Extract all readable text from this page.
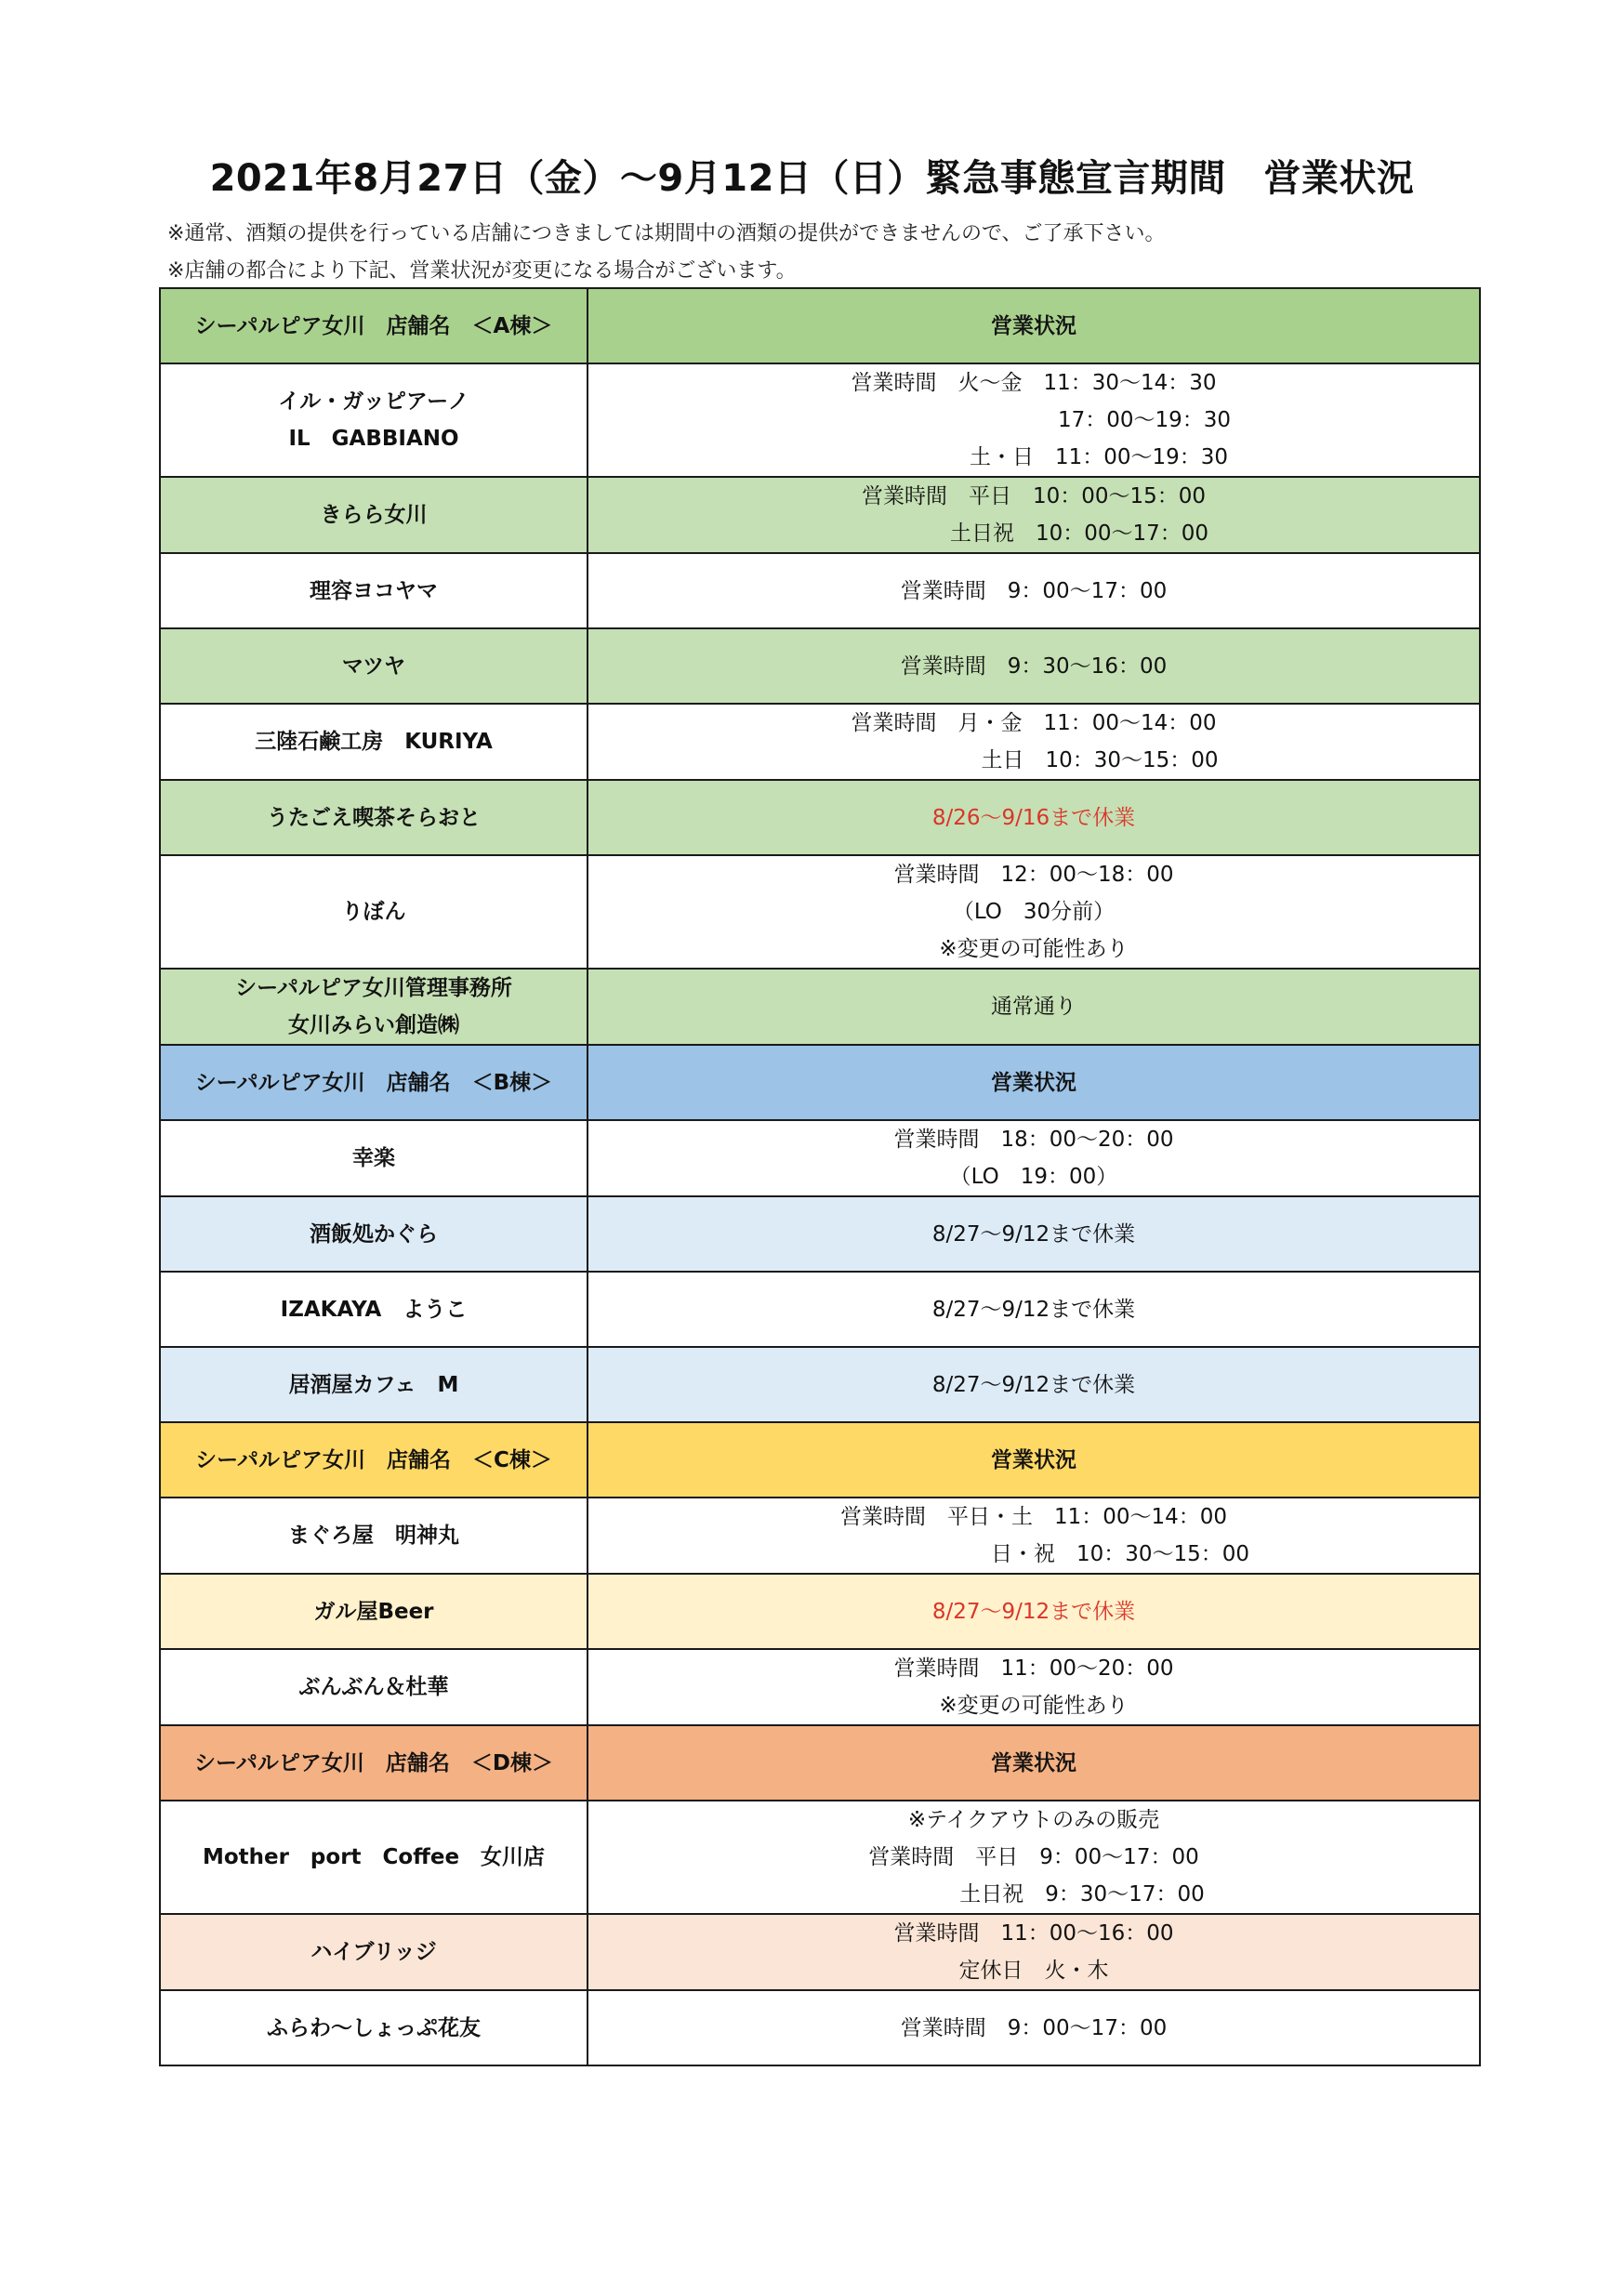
2021年8月27日（金）～9月12日（日）緊急事態宣言期間　営業状況
※通常、酒類の提供を行っている店舗につきましては期間中の酒類の提供ができませんので、ご了承下さい。
※店舗の都合により下記、営業状況が変更になる場合がございます。
シーパルピア女川　店舗名　＜A棟＞	営業状況

イル・ガッピアーノ
IL　GABBIANO	営業時間　火～金　11：30～14：30
17：00～19：30
土・日　11：00～19：30

きらら女川	営業時間　平日　10：00～15：00
土日祝　10：00～17：00

理容ヨコヤマ	営業時間　9：00～17：00
マツヤ	営業時間　9：30～16：00
三陸石鹸工房　KURIYA	営業時間　月・金　11：00～14：00
土日　10：30～15：00

うたごえ喫茶そらおと	8/26～9/16まで休業
りぼん	営業時間　12：00～18：00
（LO　30分前）
※変更の可能性あり

シーパルピア女川管理事務所
女川みらい創造㈱	通常通り
シーパルピア女川　店舗名　＜B棟＞	営業状況
幸楽	営業時間　18：00～20：00
（LO　19：00）

酒飯処かぐら	8/27～9/12まで休業
IZAKAYA　ようこ	8/27～9/12まで休業
居酒屋カフェ　M	8/27～9/12まで休業
シーパルピア女川　店舗名　＜C棟＞	営業状況
まぐろ屋　明神丸	営業時間　平日・土　11：00～14：00
日・祝　10：30～15：00

ガル屋Beer	8/27～9/12まで休業
ぶんぶん＆杜華	営業時間　11：00～20：00
※変更の可能性あり

シーパルピア女川　店舗名　＜D棟＞	営業状況
Mother　port　Coffee　女川店	※テイクアウトのみの販売
営業時間　平日　9：00～17：00
土日祝　9：30～17：00

ハイブリッジ	営業時間　11：00～16：00
定休日　火・木

ふらわ～しょっぷ花友	営業時間　9：00～17：00
